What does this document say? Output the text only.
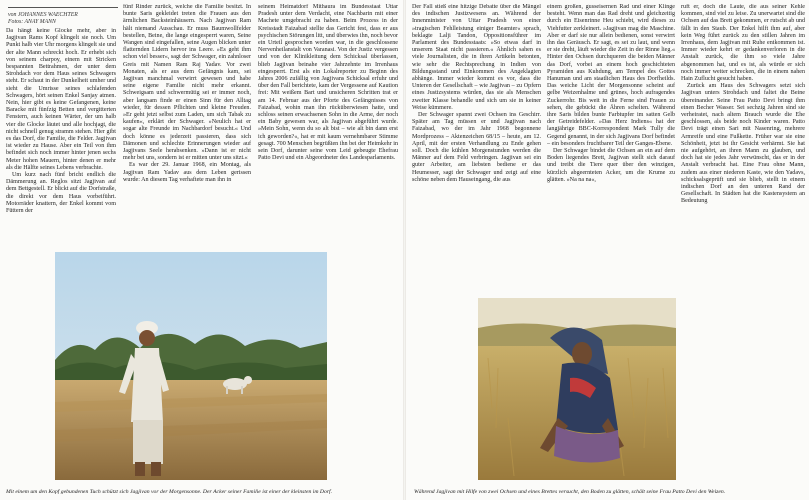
von JOHANNES WAECHTER
Fotos: ANAY MANN

Da hängt keine Glocke mehr, aber in Jagjivan Rams Kopf klingelt sie noch. Um Punkt halb vier Uhr morgens klingelt sie und der alte Mann schreckt hoch. Er erhebt sich von seinem charpoy, einem mit Stricken bespannten Bettrahmen, der unter dem Strohdach vor dem Haus seines Schwagers steht. Er schaut in der Dunkelheit umher und sieht die Umrisse seines schlafenden Schwagers, hört seinen Enkel Sanjay atmen. Nein, hier gibt es keine Gefangenen, keine Baracke mit fünfzig Betten und vergitterten Fenstern, auch keinen Wärter, der um halb vier die Glocke läutet und alle hochjagt, die nicht schnell genug stramm stehen. Hier gibt es das Dorf, die Familie, die Felder. Jagjivan ist wieder zu Hause. Aber ein Teil von ihm befindet sich noch immer hinter jenen sechs Meter hohen Mauern, hinter denen er mehr als die Hälfte seines Lebens verbrachte.

Um kurz nach fünf bricht endlich die Dämmerung an. Reglos sitzt Jagjivan auf dem Bettgestell. Er blickt auf die Dorfstraße, die direkt vor dem Haus vorbeiführt. Motorräder knattern, der Enkel kommt vom Füttern der

fünf Rinder zurück, welche die Familie besitzt. In bunte Saris gekleidet treten die Frauen aus den ärmlichen Backsteinhäusern. Nach Jagjivan Ram hält niemand Ausschau. Er muss Baumwollfelder bestellen, Beine, die lange eingesperrt waren, Seine Wangen sind eingefallen, seine Augen blicken unter flatternden Lidern hervor ins Leere. »Es geht ihm schon viel besser«, sagt der Schwager, ein zahnloser Greis mit Namen Ram Raj Yadav. Vor zwei Monaten, als er aus dem Gefängnis kam, sei Jagjivan manchmal verwirrt gewesen und habe seine eigene Familie nicht mehr erkannt. Schweigsam und schwermütig sei er immer noch, aber langsam finde er einen Sinn für den Alltag wieder, für dessen Pflichten und kleine Freuden. »Er geht jetzt selbst zum Laden, um sich Tabak zu kaufen«, erklärt der Schwager. »Neulich hat er sogar alte Freunde im Nachbardorf besucht.« Und doch könne es jederzeit passieren, dass sich Dämonen und schlechte Erinnerungen wieder auf Jagjivans Seele herabsenken. »Dann ist er nicht mehr bei uns, sondern ist er mitten unter uns sitzt.«

Es war der 29. Januar 1968, ein Montag, als Jagjivan Ram Yadav aus dem Leben gerissen wurde: An diesem Tag verhaftete man ihn in

seinem Heimatdorf Mithaura im Bundesstaat Uttar Pradesh unter dem Verdacht, eine Nachbarin mit einer Machete umgebracht zu haben. Beim Prozess in der Kreisstadt Faizabad stellte das Gericht fest, dass er aus psychischen Störungen litt, und überwies ihn, noch bevor ein Urteil gesprochen worden war, in die geschlossene Nervenheilanstalt von Varanasi. Von der Justiz vergessen und von der Klinikleitung dem Schicksal überlassen, blieb Jagjivan beinahe vier Jahrzehnte im Irrenhaus eingesperrt. Erst als ein Lokalreporter zu Beginn des Jahres 2006 zufällig von Jagjivans Schicksal erfuhr und über den Fall berichtete, kam der Vergessene auf Kaution frei: Mit weißem Bart und unsicheren Schritten trat er am 14. Februar aus der Pforte des Gefängnisses von Faizabad, wohin man ihn rücküberwiesen hatte, und schloss seinen erwachsenen Sohn in die Arme, der noch ein Baby gewesen war, als Jagjivan abgeführt wurde. »Mein Sohn, wenn du so alt bist – wie alt bin dann erst ich geworden?«, hat er mit kaum vernehmbarer Stimme gesagt. 700 Menschen begrüßten ihn bei der Heimkehr in sein Dorf, darunter seine vom Leid gebeugte Ehefrau Patto Devi und ein Abgeordneter des Landesparlaments.

Mit einem um den Kopf gebundenen Tuch schützt sich Jagjivan vor der Morgensonne. Der Acker seiner Familie ist einer der kleinsten im Dorf.

Der Fall stieß eine hitzige Debatte über die Mängel des indischen Justizwesens an. Während der Innenminister von Uttar Pradesh von einer »tragischen Fehlleistung einiger Beamter« sprach, beklagte Lalji Tandon, Oppositionsführer im Parlament des Bundesstaats: »So etwas darf in unserem Staat nicht passieren.« Ähnlich sahen es viele Journalisten, die in ihren Artikeln betonten, wie sehr die Rechtsprechung in Indien von Bildungsstand und Einkommen des Angeklagten abhänge. Immer wieder kommt es vor, dass die Unteren der Gesellschaft – wie Jagjivan – zu Opfern eines Justizsystems würden, das sie als Menschen zweiter Klasse behandle und sich um sie in keiner Weise kümmere.

Der Schwager spannt zwei Ochsen ins Geschirr. Später am Tag müssen er und Jagjivan nach Faizabad, wo der im Jahr 1968 begonnene Mordprozess – Aktenzeichen 68/15 – heute, am 12. April, mit der ersten Verhandlung zu Ende gehen soll. Doch die kühlen Morgenstunden werden die Männer auf dem Feld verbringen. Jagjivan sei ein guter Arbeiter, am liebsten bediene er das Heumesser, sagt der Schwager und zeigt auf eine schöne neben dem Hauseingang, die aus

einem großen, gusseisernen Rad und einer Klinge besteht. Wenn man das Rad dreht und gleichzeitig durch ein Eisenrinne Heu schiebt, wird dieses zu Viehfutter zerkleinert. »Jagjivan mag die Maschine. Aber er darf sie nur allein bedienen, sonst verwirrt ihn das Geräusch. Er sagt, es sei zu laut, und wenn er sie dreht, läuft wieder die Zeit in der Rinne lieg.« Hinter den Ochsen durchqueren die beiden Männer das Dorf, vorbei an einem hoch geschichteten Pyramiden aus Kuhdung, am Tempel des Gottes Hanuman und am staatlichen Haus des Dorfheilds. Das weiche Licht der Morgensonne scheint auf gelbe Weizenhalme und grünes, hoch aufragendes Zuckerrohr. Bis weit in die Ferne sind Frauen zu sehen, die gebückt die Ähren schelten. Während ihre Saris bilden bunte Farbtupfer im satten Gelb der Getreidefelder. »Das Herz Indiens« hat der langjährige BBC-Korrespondent Mark Tully die Gegend genannt, in der sich Jagjivans Dorf befindet – ein besonders fruchtbarer Teil der Ganges-Ebene.

Der Schwager bindet die Ochsen an ein auf dem Boden liegendes Brett, Jagjivan stellt sich darauf und treibt die Tiere quer über den winzigen, kürzlich abgeernteten Acker, um die Krume zu glätten. »Na na na«,

ruft er, doch die Laute, die aus seiner Kehle kommen, sind viel zu leise. Zu unerwartet sind die Ochsen auf das Brett gekommen, er rutscht ab und fällt in den Staub. Der Enkel hilft ihm auf, aber kein Weg führt zurück zu den stillen Jahren im Irrenhaus, dem Jagjivan mit Ruhe entkommen ist. Immer wieder kehrt er gedankenverloren in die Anstalt zurück, die ihm so viele Jahre abgenommen hat, und es ist, als würde er sich noch immer weiter schrecken, die in einem nahen Hain Zuflucht gesucht haben.

Zurück am Haus des Schwagers setzt sich Jagjivan unters Strohdach und faltet die Beine übereinander. Seine Frau Patto Devi bringt ihm einen Becher Wasser. Sei sechzig Jahren sind sie verheiratet, nach altem Brauch wurde die Ehe geschlossen, als beide noch Kinder waren. Patto Devi trägt einen Sari mit Nasenring, mehrere Armreife und eine Fußkette. Früher war sie eine Schönheit, jetzt ist ihr Gesicht verhärmt. Sie hat nie aufgehört, an ihren Mann zu glauben, und doch hat sie jedes Jahr verwünscht, das er in der Anstalt verbracht hat. Eine Frau ohne Mann, zudem aus einer niederen Kaste, wie den Yadavs, schicksalsgeprüft und sie blieb, stellt in einem indischen Dorf an den unteren Rand der Gesellschaft. In Städten hat die Kastensystem an Bedeutung

Während Jagjivan mit Hilfe von zwei Ochsen und eines Brettes versucht, den Boden zu glätten, schält seine Frau Patto Devi den Weizen.
